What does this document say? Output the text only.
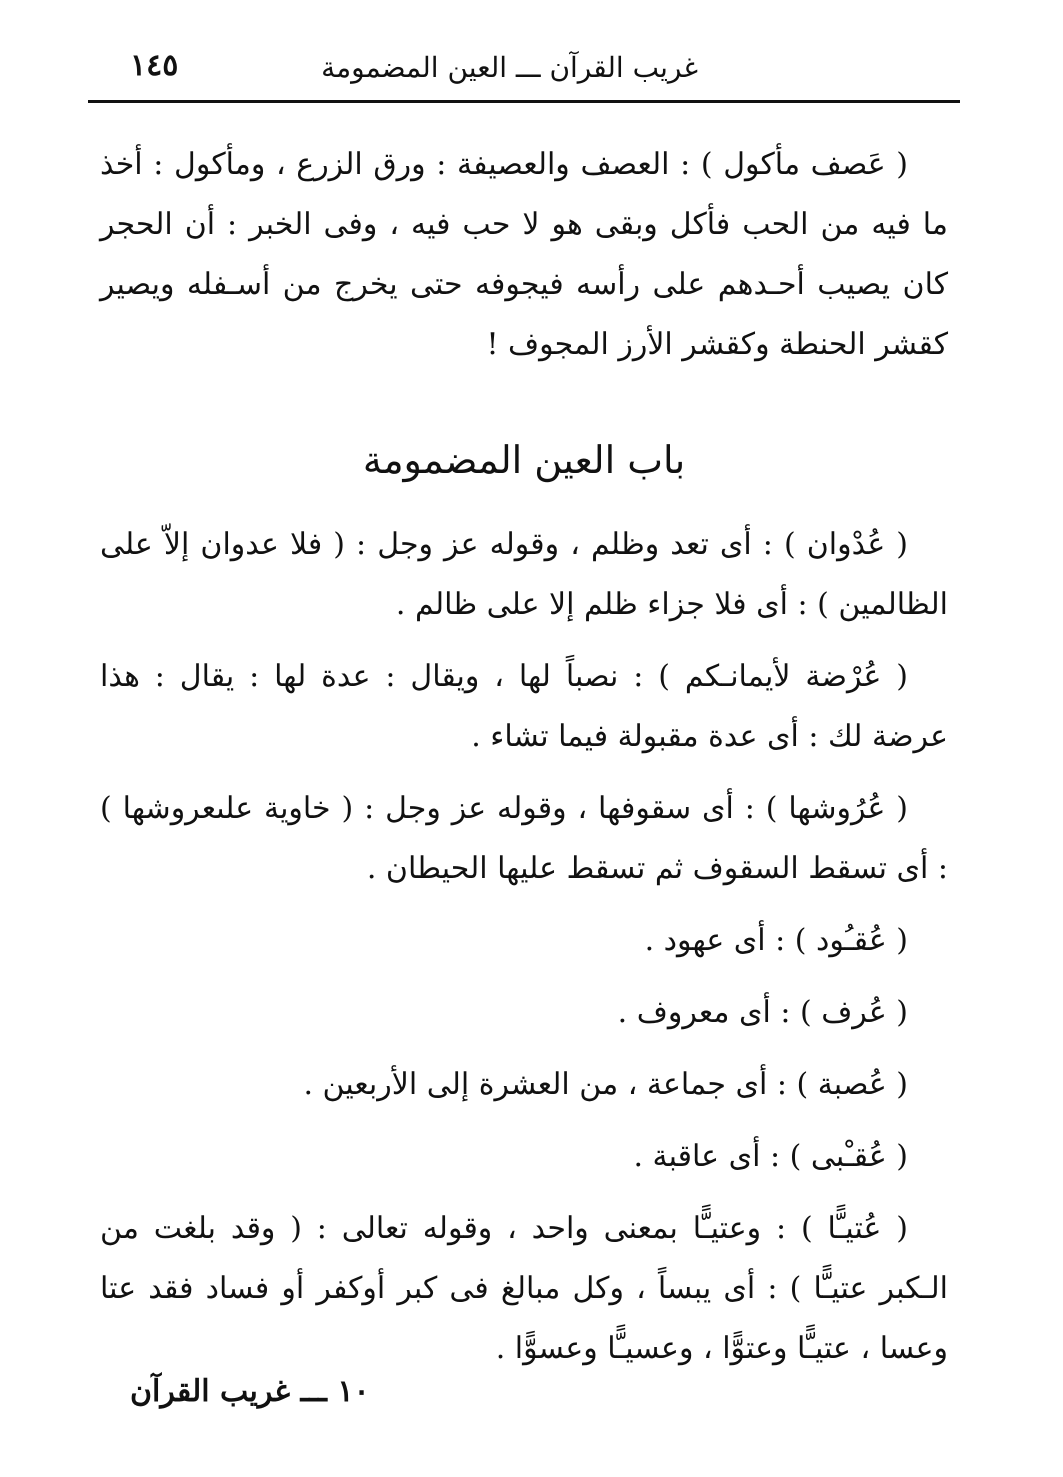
غريب القرآن ـــ العين المضمومة
١٤٥

( عَصف مأكول ) : العصف والعصيفة : ورق الزرع ، ومأكول : أخذ ما فيه من الحب فأكل وبقى هو لا حب فيه ، وفى الخبر : أن الحجر كان يصيب أحـدهم على رأسه فيجوفه حتى يخرج من أسـفله ويصير كقشر الحنطة وكقشر الأرز المجوف !

باب العين المضمومة

( عُدْوان ) : أى تعد وظلم ، وقوله عز وجل : ( فلا عدوان إلاّ على الظالمين ) : أى فلا جزاء ظلم إلا على ظالم .

( عُرْضة لأيمانـكم ) : نصباً لها ، ويقال : عدة لها : يقال : هذا عرضة لك : أى عدة مقبولة فيما تشاء .

( عُرُوشها ) : أى سقوفها ، وقوله عز وجل : ( خاوية علىعروشها ) : أى تسقط السقوف ثم تسقط عليها الحيطان .

( عُقـُود ) : أى عهود .

( عُرف ) : أى معروف .

( عُصبة ) : أى جماعة ، من العشرة إلى الأربعين .

( عُقـْبى ) : أى عاقبة .

( عُتيـًّا ) : وعتيـًّا بمعنى واحد ، وقوله تعالى : ( وقد بلغت من الـكبر عتيـًّا ) : أى يبساً ، وكل مبالغ فى كبر أوكفر أو فساد فقد عتا وعسا ، عتيـًّا وعتوًّا ، وعسيـًّا وعسوًّا .

١٠ ـــ غريب القرآن
